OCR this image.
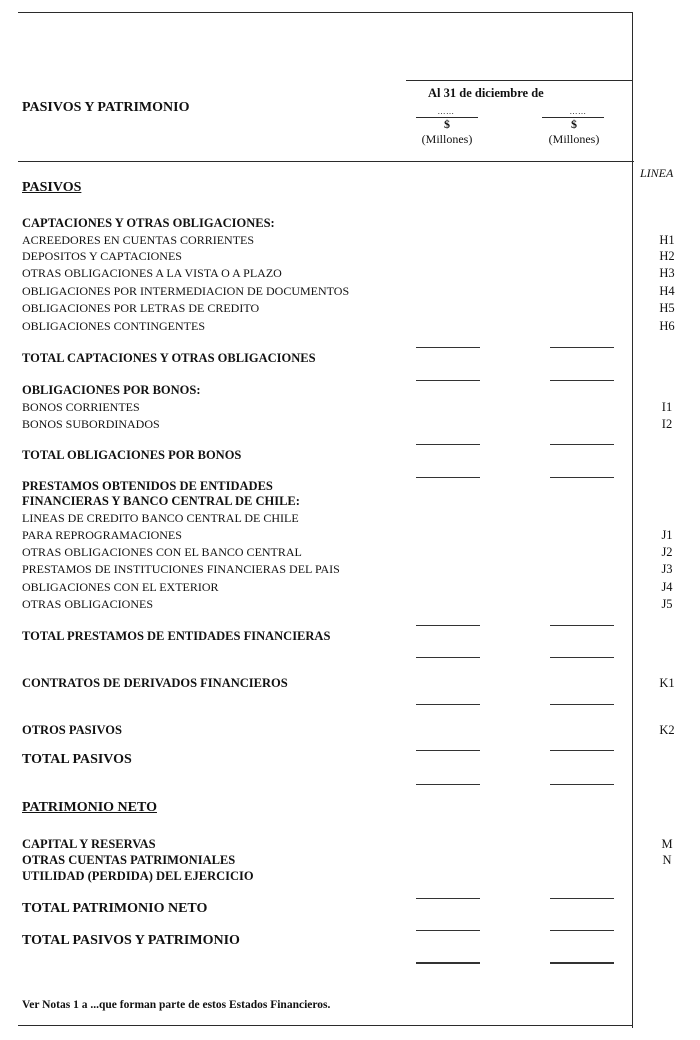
PASIVOS Y PATRIMONIO
Al 31 de diciembre de
……
$
(Millones)
……
$
(Millones)
LINEA
PASIVOS
CAPTACIONES Y OTRAS OBLIGACIONES:
ACREEDORES EN CUENTAS CORRIENTES	H1
DEPOSITOS Y CAPTACIONES	H2
OTRAS OBLIGACIONES A LA VISTA O A PLAZO	H3
OBLIGACIONES POR INTERMEDIACION DE DOCUMENTOS	H4
OBLIGACIONES POR LETRAS DE CREDITO	H5
OBLIGACIONES CONTINGENTES	H6
TOTAL CAPTACIONES Y OTRAS OBLIGACIONES
OBLIGACIONES POR BONOS:
BONOS CORRIENTES	I1
BONOS SUBORDINADOS	I2
TOTAL OBLIGACIONES POR BONOS
PRESTAMOS OBTENIDOS DE ENTIDADES
FINANCIERAS Y BANCO CENTRAL DE CHILE:
LINEAS DE CREDITO BANCO CENTRAL DE CHILE
PARA REPROGRAMACIONES	J1
OTRAS OBLIGACIONES CON EL BANCO CENTRAL	J2
PRESTAMOS DE INSTITUCIONES FINANCIERAS DEL PAIS	J3
OBLIGACIONES CON EL EXTERIOR	J4
OTRAS OBLIGACIONES	J5
TOTAL PRESTAMOS DE ENTIDADES FINANCIERAS
CONTRATOS DE DERIVADOS FINANCIEROS	K1
OTROS PASIVOS	K2
TOTAL PASIVOS
PATRIMONIO NETO
CAPITAL Y RESERVAS	M
OTRAS CUENTAS PATRIMONIALES	N
UTILIDAD (PERDIDA) DEL EJERCICIO
TOTAL PATRIMONIO NETO
TOTAL PASIVOS Y PATRIMONIO
Ver Notas 1 a ...que forman parte de estos Estados Financieros.
